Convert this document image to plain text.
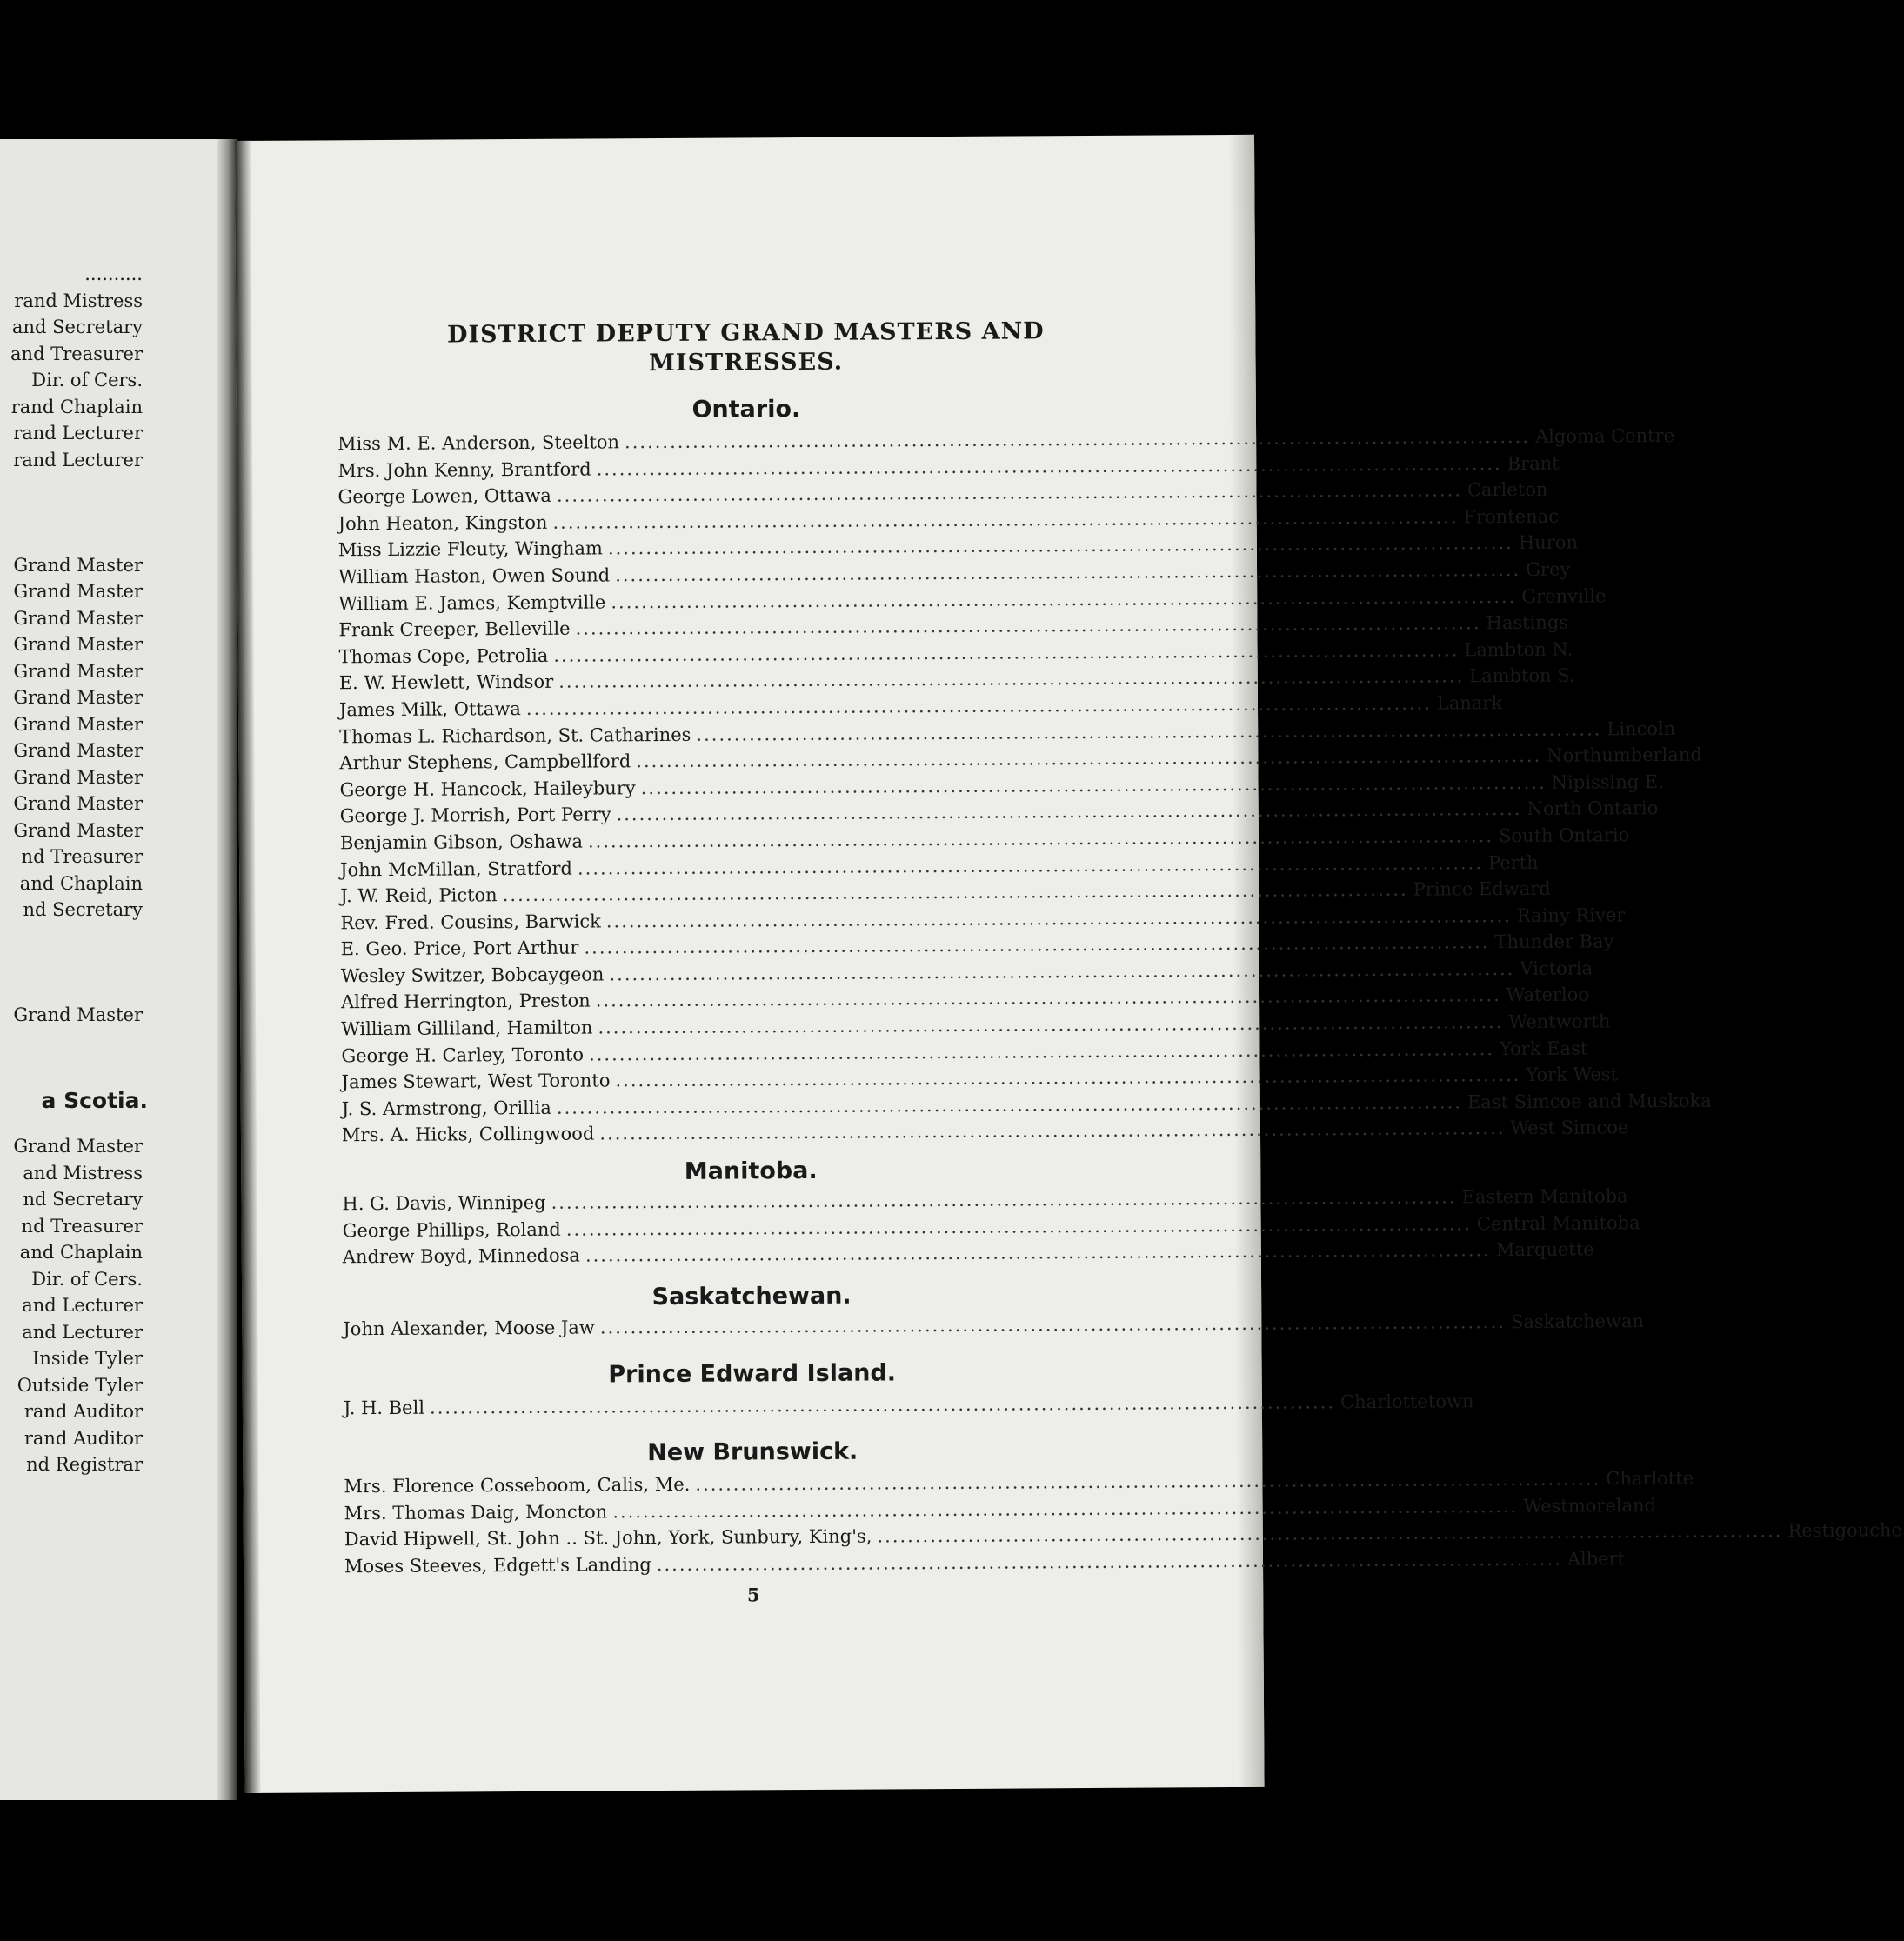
..........
rand Mistress
and Secretary
and Treasurer
Dir. of Cers.
rand Chaplain
rand Lecturer
rand Lecturer
Grand Master
Grand Master
Grand Master
Grand Master
Grand Master
Grand Master
Grand Master
Grand Master
Grand Master
Grand Master
Grand Master
nd Treasurer
and Chaplain
nd Secretary
Grand Master
a Scotia.
Grand Master
and Mistress
nd Secretary
nd Treasurer
and Chaplain
Dir. of Cers.
and Lecturer
and Lecturer
Inside Tyler
Outside Tyler
rand Auditor
rand Auditor
nd Registrar
DISTRICT DEPUTY GRAND MASTERS AND
MISTRESSES.
Ontario.
Miss M. E. Anderson, Steelton ........................................................................................................................ Algoma Centre
Mrs. John Kenny, Brantford ........................................................................................................................ Brant
George Lowen, Ottawa ........................................................................................................................ Carleton
John Heaton, Kingston ........................................................................................................................ Frontenac
Miss Lizzie Fleuty, Wingham ........................................................................................................................ Huron
William Haston, Owen Sound ........................................................................................................................ Grey
William E. James, Kemptville ........................................................................................................................ Grenville
Frank Creeper, Belleville ........................................................................................................................ Hastings
Thomas Cope, Petrolia ........................................................................................................................ Lambton N.
E. W. Hewlett, Windsor ........................................................................................................................ Lambton S.
James Milk, Ottawa ........................................................................................................................ Lanark
Thomas L. Richardson, St. Catharines ........................................................................................................................ Lincoln
Arthur Stephens, Campbellford ........................................................................................................................ Northumberland
George H. Hancock, Haileybury ........................................................................................................................ Nipissing E.
George J. Morrish, Port Perry ........................................................................................................................ North Ontario
Benjamin Gibson, Oshawa ........................................................................................................................ South Ontario
John McMillan, Stratford ........................................................................................................................ Perth
J. W. Reid, Picton ........................................................................................................................ Prince Edward
Rev. Fred. Cousins, Barwick ........................................................................................................................ Rainy River
E. Geo. Price, Port Arthur ........................................................................................................................ Thunder Bay
Wesley Switzer, Bobcaygeon ........................................................................................................................ Victoria
Alfred Herrington, Preston ........................................................................................................................ Waterloo
William Gilliland, Hamilton ........................................................................................................................ Wentworth
George H. Carley, Toronto ........................................................................................................................ York East
James Stewart, West Toronto ........................................................................................................................ York West
J. S. Armstrong, Orillia ........................................................................................................................ East Simcoe and Muskoka
Mrs. A. Hicks, Collingwood ........................................................................................................................ West Simcoe
Manitoba.
H. G. Davis, Winnipeg ........................................................................................................................ Eastern Manitoba
George Phillips, Roland ........................................................................................................................ Central Manitoba
Andrew Boyd, Minnedosa ........................................................................................................................ Marquette
Saskatchewan.
John Alexander, Moose Jaw ........................................................................................................................ Saskatchewan
Prince Edward Island.
J. H. Bell ........................................................................................................................ Charlottetown
New Brunswick.
Mrs. Florence Cosseboom, Calis, Me. ........................................................................................................................ Charlotte
Mrs. Thomas Daig, Moncton ........................................................................................................................ Westmoreland
David Hipwell, St. John .. St. John, York, Sunbury, King's, ........................................................................................................................ Restigouche
Moses Steeves, Edgett's Landing ........................................................................................................................ Albert
5
